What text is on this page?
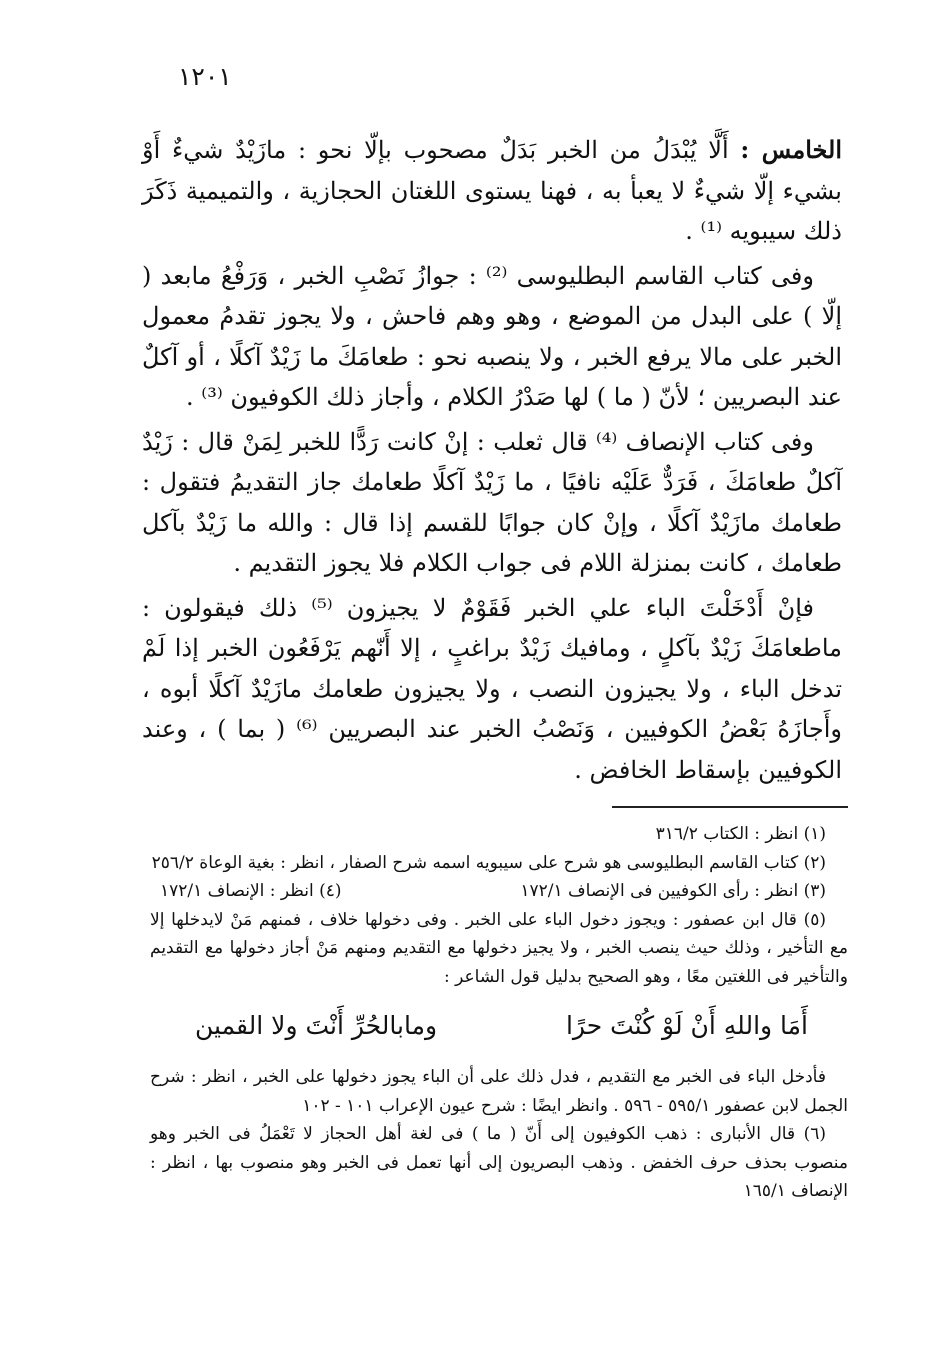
١٢٠١

الخامس : أَلَّا يُبْدَلُ من الخبر بَدَلٌ مصحوب بإلّا نحو : مازَيْدٌ شيءٌ أَوْ بشيء إلّا شيءٌ لا يعبأ به ، فهنا يستوى اللغتان الحجازية ، والتميمية ذَكَرَ ذلك سيبويه ⁽¹⁾ .

وفى كتاب القاسم البطليوسى ⁽²⁾ : جوازُ نَصْبِ الخبر ، وَرَفْعُ مابعد ( إلّا ) على البدل من الموضع ، وهو وهم فاحش ، ولا يجوز تقدمُ معمول الخبر على مالا يرفع الخبر ، ولا ينصبه نحو : طعامَكَ ما زَيْدٌ آكلًا ، أو آكلٌ عند البصريين ؛ لأنّ ( ما ) لها صَدْرُ الكلام ، وأجاز ذلك الكوفيون ⁽³⁾ .

وفى كتاب الإنصاف ⁽⁴⁾ قال ثعلب : إنْ كانت رَدًّا للخبر لِمَنْ قال : زَيْدٌ آكلٌ طعامَكَ ، فَرَدٌّ عَلَيْه نافيًا ، ما زَيْدٌ آكلًا طعامك جاز التقديمُ فتقول : طعامك مازَيْدٌ آكلًا ، وإنْ كان جوابًا للقسم إذا قال : والله ما زَيْدٌ بآكل طعامك ، كانت بمنزلة اللام فى جواب الكلام فلا يجوز التقديم .

فإنْ أَدْخَلْتَ الباء علي الخبر فَقَوْمٌ لا يجيزون ⁽⁵⁾ ذلك فيقولون : ماطعامَكَ زَيْدٌ بآكلٍ ، ومافيك زَيْدٌ براغبٍ ، إلا أَنّهم يَرْفَعُون الخبر إذا لَمْ تدخل الباء ، ولا يجيزون النصب ، ولا يجيزون طعامك مازَيْدٌ آكلًا أبوه ، وأَجازَهُ بَعْضُ الكوفيين ، وَنَصْبُ الخبر عند البصريين ⁽⁶⁾ ( بما ) ، وعند الكوفيين بإسقاط الخافض .

(١) انظر : الكتاب ٣١٦/٢

(٢) كتاب القاسم البطليوسى هو شرح على سيبويه اسمه شرح الصفار ، انظر : بغية الوعاة ٢٥٦/٢

(٣) انظر : رأى الكوفيين فى الإنصاف ١٧٢/١
(٤) انظر : الإنصاف ١٧٢/١

(٥) قال ابن عصفور : ويجوز دخول الباء على الخبر . وفى دخولها خلاف ، فمنهم مَنْ لايدخلها إلا مع التأخير ، وذلك حيث ينصب الخبر ، ولا يجيز دخولها مع التقديم ومنهم مَنْ أجاز دخولها مع التقديم والتأخير فى اللغتين معًا ، وهو الصحيح بدليل قول الشاعر :

أَمَا واللهِ أَنْ لَوْ كُنْتَ حرًا
ومابالحُرِّ أَنْتَ ولا القمين

فأدخل الباء فى الخبر مع التقديم ، فدل ذلك على أن الباء يجوز دخولها على الخبر ، انظر : شرح الجمل لابن عصفور ٥٩٥/١ - ٥٩٦ . وانظر ايضًا : شرح عيون الإعراب ١٠١ - ١٠٢

(٦) قال الأنبارى : ذهب الكوفيون إلى أَنّ ( ما ) فى لغة أهل الحجاز لا تَعْمَلُ فى الخبر وهو منصوب بحذف حرف الخفض . وذهب البصريون إلى أنها تعمل فى الخبر وهو منصوب بها ، انظر : الإنصاف ١٦٥/١
